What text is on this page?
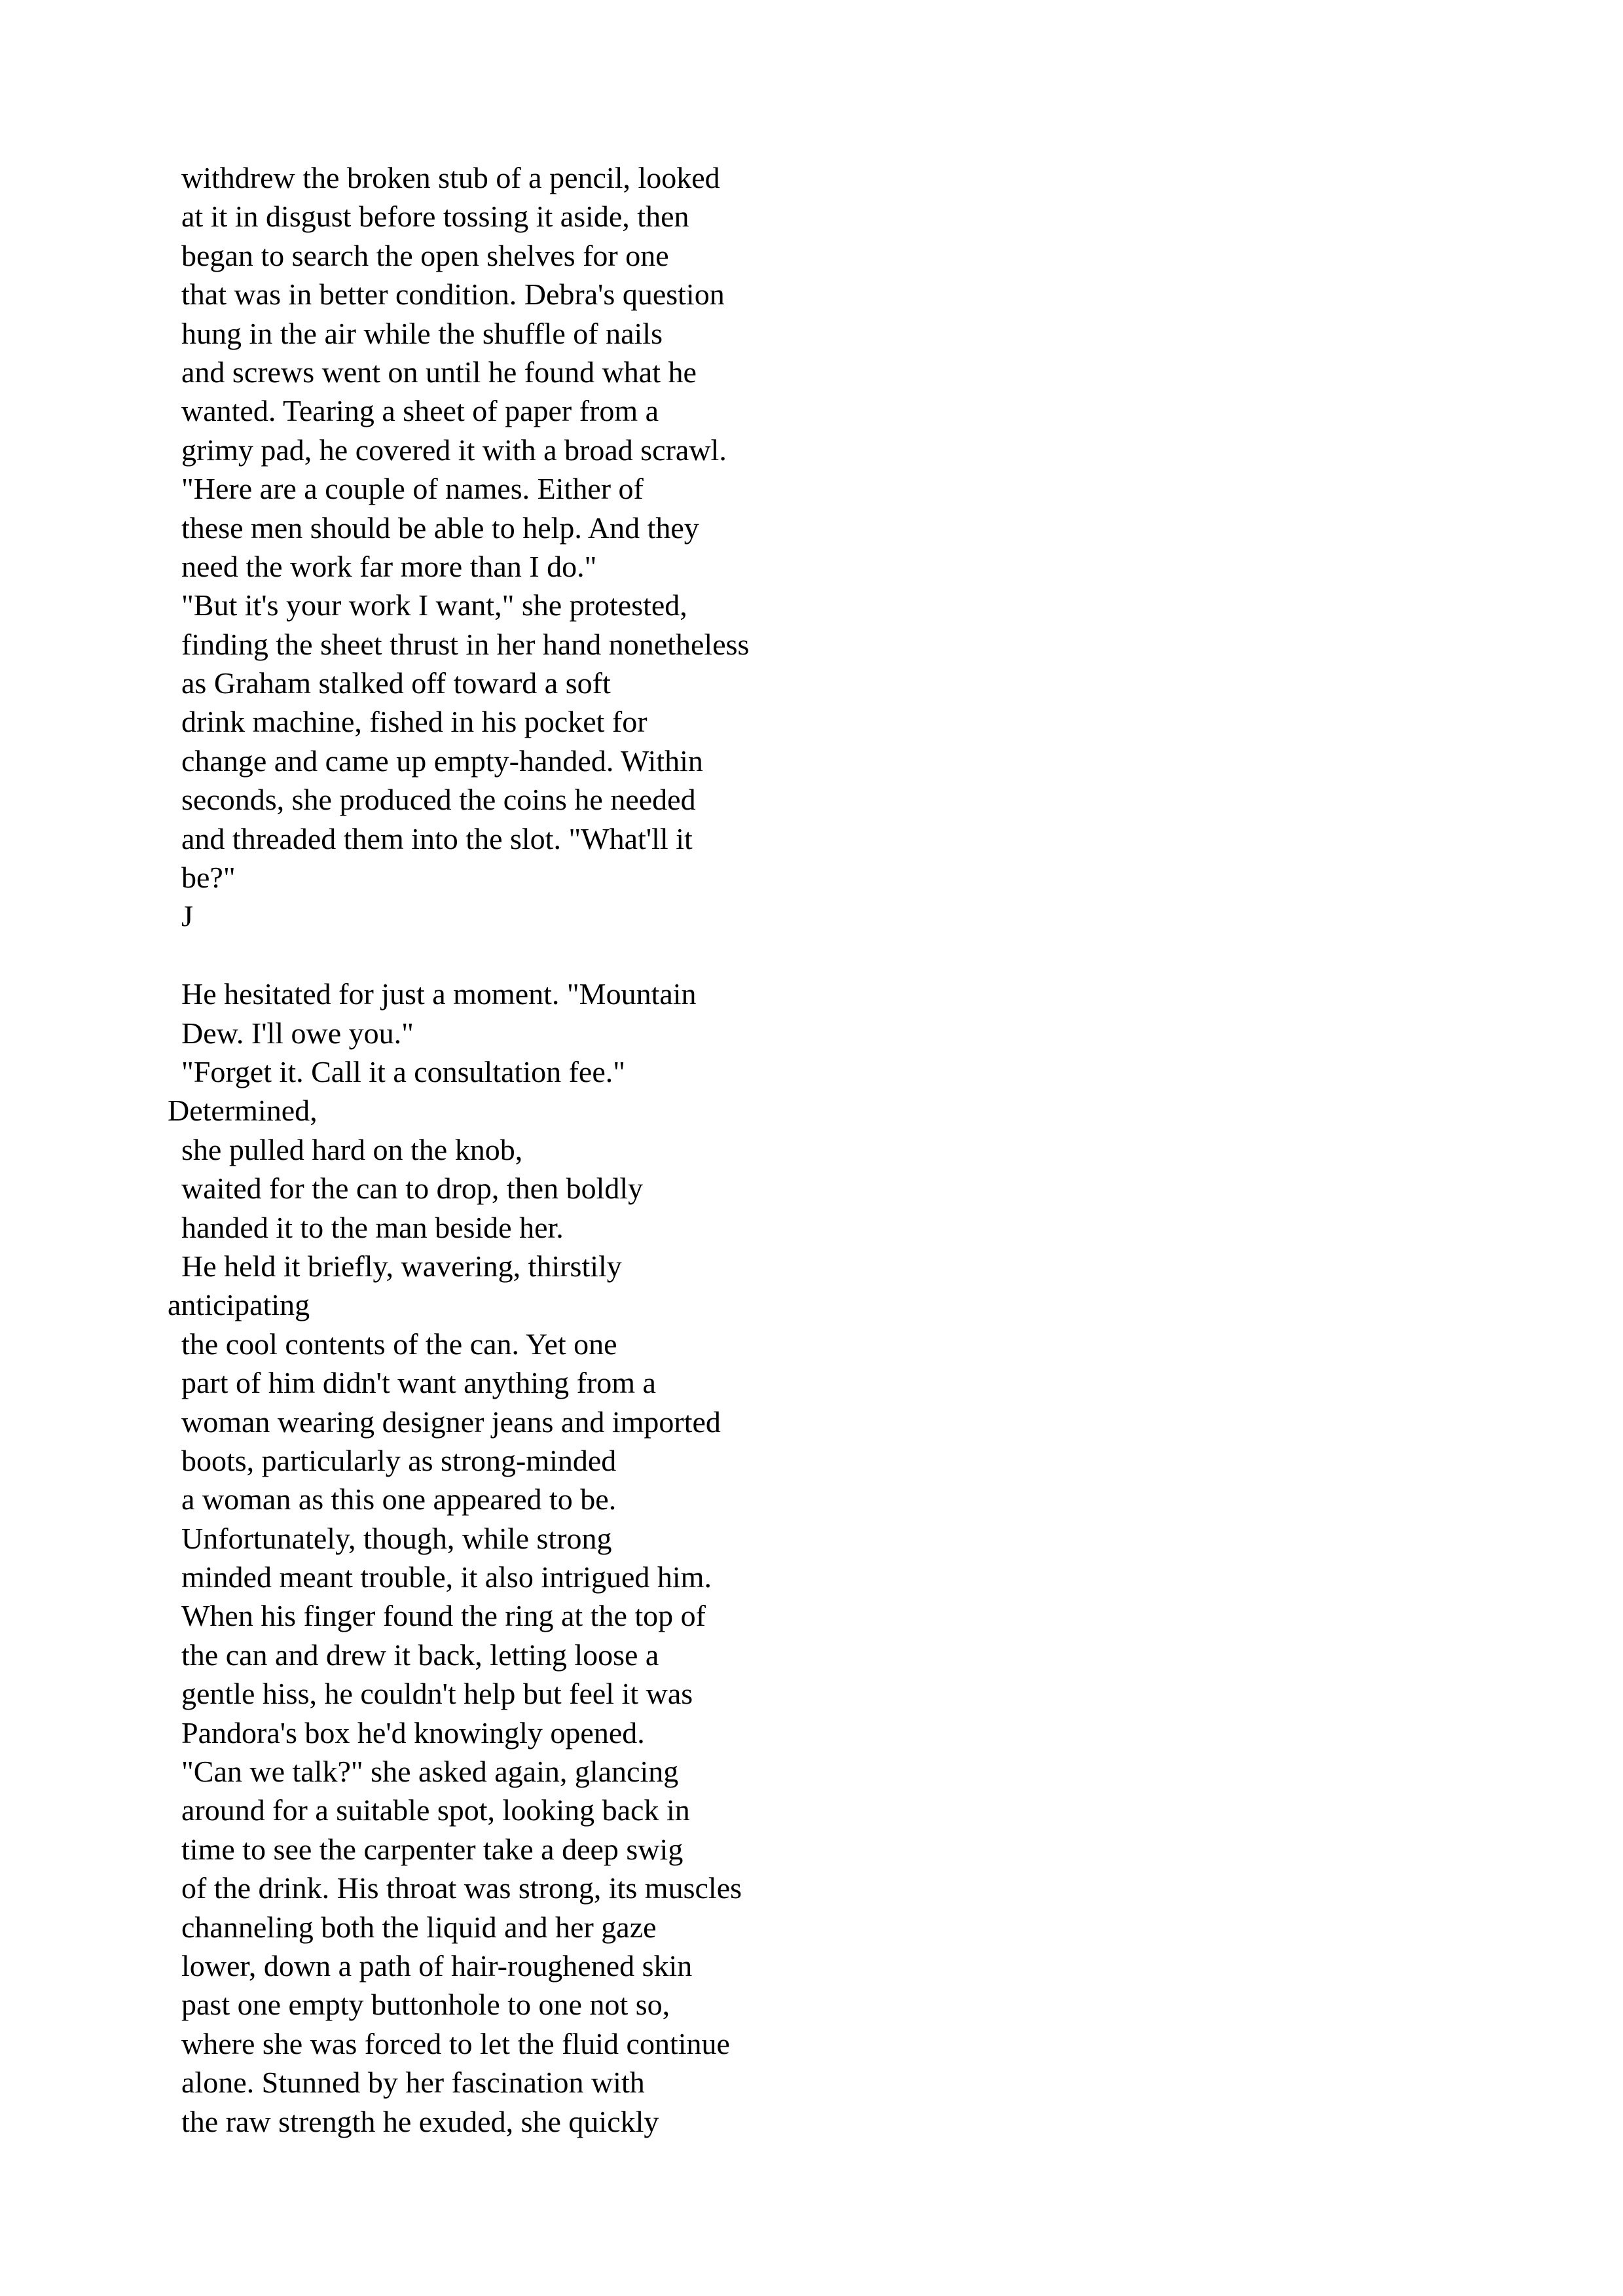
withdrew the broken stub of a pencil, looked
at it in disgust before tossing it aside, then
began to search the open shelves for one
that was in better condition. Debra's question
hung in the air while the shuffle of nails
and screws went on until he found what he
wanted. Tearing a sheet of paper from a
grimy pad, he covered it with a broad scrawl.
"Here are a couple of names. Either of
these men should be able to help. And they
need the work far more than I do."
"But it's your work I want," she protested,
finding the sheet thrust in her hand nonetheless
as Graham stalked off toward a soft
drink machine, fished in his pocket for
change and came up empty-handed. Within
seconds, she produced the coins he needed
and threaded them into the slot. "What'll it
be?"
J
He hesitated for just a moment. "Mountain
Dew. I'll owe you."
"Forget it. Call it a consultation fee."
Determined,
she pulled hard on the knob,
waited for the can to drop, then boldly
handed it to the man beside her.
He held it briefly, wavering, thirstily
anticipating
the cool contents of the can. Yet one
part of him didn't want anything from a
woman wearing designer jeans and imported
boots, particularly as strong-minded
a woman as this one appeared to be.
Unfortunately, though, while strong
minded meant trouble, it also intrigued him.
When his finger found the ring at the top of
the can and drew it back, letting loose a
gentle hiss, he couldn't help but feel it was
Pandora's box he'd knowingly opened.
"Can we talk?" she asked again, glancing
around for a suitable spot, looking back in
time to see the carpenter take a deep swig
of the drink. His throat was strong, its muscles
channeling both the liquid and her gaze
lower, down a path of hair-roughened skin
past one empty buttonhole to one not so,
where she was forced to let the fluid continue
alone. Stunned by her fascination with
the raw strength he exuded, she quickly
